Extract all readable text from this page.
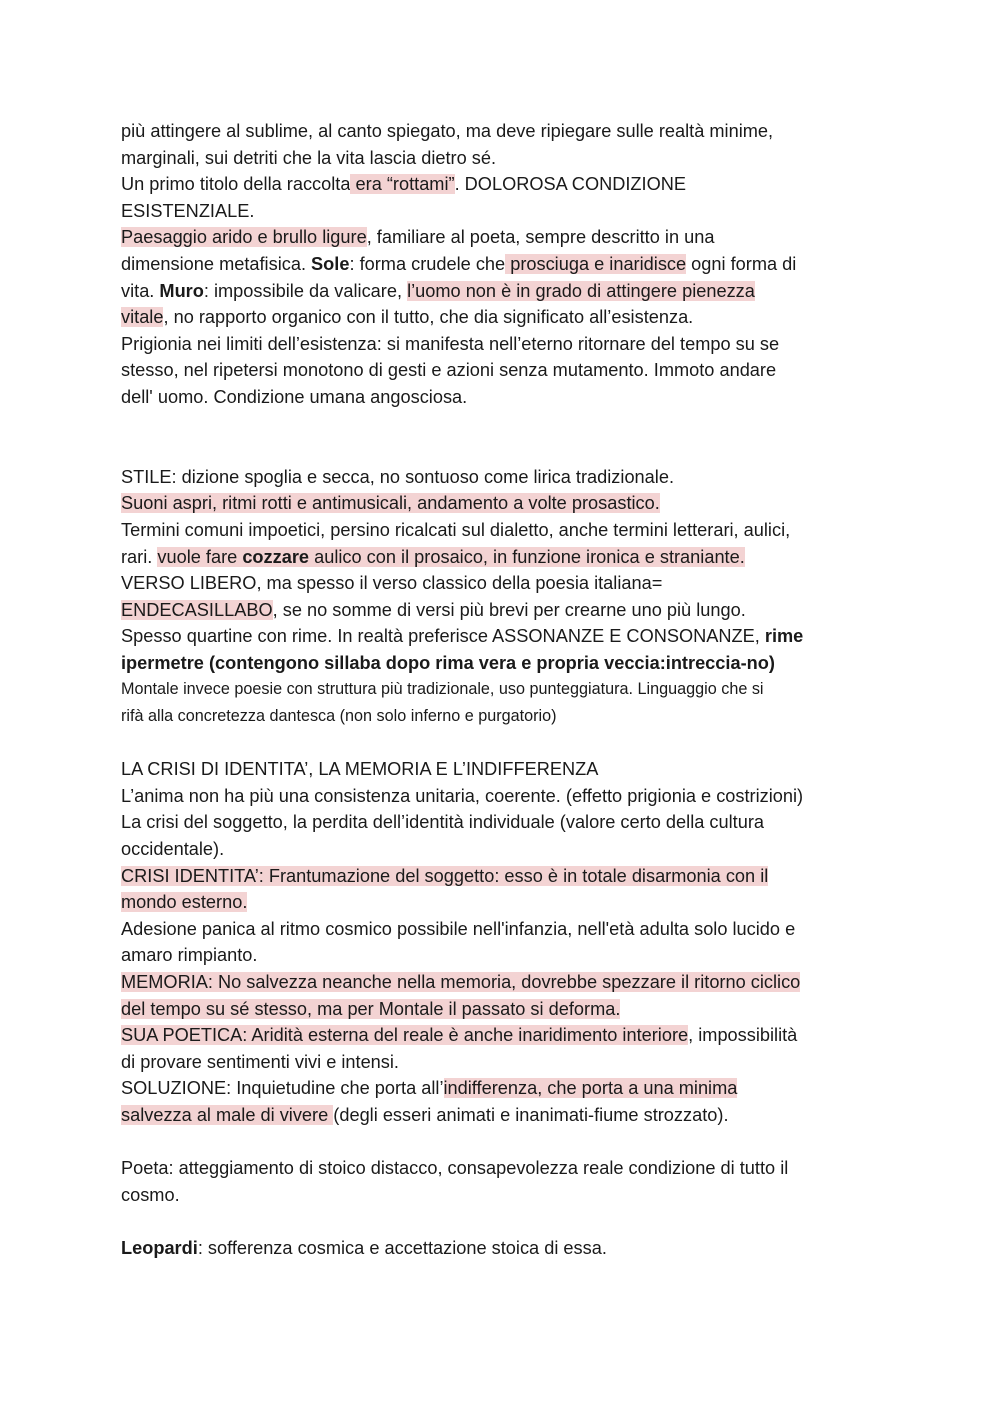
più attingere al sublime, al canto spiegato, ma deve ripiegare sulle realtà minime,

marginali, sui detriti che la vita lascia dietro sé.

Un primo titolo della raccolta era “rottami”. DOLOROSA CONDIZIONE

ESISTENZIALE.

Paesaggio arido e brullo ligure, familiare al poeta, sempre descritto in una

dimensione metafisica. Sole: forma crudele che prosciuga e inaridisce ogni forma di

vita. Muro: impossibile da valicare, l’uomo non è in grado di attingere pienezza

vitale, no rapporto organico con il tutto, che dia significato all’esistenza.

Prigionia nei limiti dell’esistenza: si manifesta nell’eterno ritornare del tempo su se

stesso, nel ripetersi monotono di gesti e azioni senza mutamento. Immoto andare

dell' uomo. Condizione umana angosciosa.

STILE: dizione spoglia e secca, no sontuoso come lirica tradizionale.

Suoni aspri, ritmi rotti e antimusicali, andamento a volte prosastico.

Termini comuni impoetici, persino ricalcati sul dialetto, anche termini letterari, aulici,

rari. vuole fare cozzare aulico con il prosaico, in funzione ironica e straniante.

VERSO LIBERO, ma spesso il verso classico della poesia italiana=

ENDECASILLABO, se no somme di versi più brevi per crearne uno più lungo.

Spesso quartine con rime. In realtà preferisce ASSONANZE E CONSONANZE, rime

ipermetre (contengono sillaba dopo rima vera e propria veccia:intreccia-no)

Montale invece poesie con struttura più tradizionale, uso punteggiatura. Linguaggio che si

rifà alla concretezza dantesca (non solo inferno e purgatorio)

LA CRISI DI IDENTITA’, LA MEMORIA E L’INDIFFERENZA

L’anima non ha più una consistenza unitaria, coerente. (effetto prigionia e costrizioni)

La crisi del soggetto, la perdita dell’identità individuale (valore certo della cultura

occidentale).

CRISI IDENTITA’: Frantumazione del soggetto: esso è in totale disarmonia con il

mondo esterno.

Adesione panica al ritmo cosmico possibile nell'infanzia, nell'età adulta solo lucido e

amaro rimpianto.

MEMORIA: No salvezza neanche nella memoria, dovrebbe spezzare il ritorno ciclico

del tempo su sé stesso, ma per Montale il passato si deforma.

SUA POETICA: Aridità esterna del reale è anche inaridimento interiore, impossibilità

di provare sentimenti vivi e intensi.

SOLUZIONE: Inquietudine che porta all’indifferenza, che porta a una minima

salvezza al male di vivere (degli esseri animati e inanimati-fiume strozzato).

Poeta: atteggiamento di stoico distacco, consapevolezza reale condizione di tutto il

cosmo.

Leopardi: sofferenza cosmica e accettazione stoica di essa.
